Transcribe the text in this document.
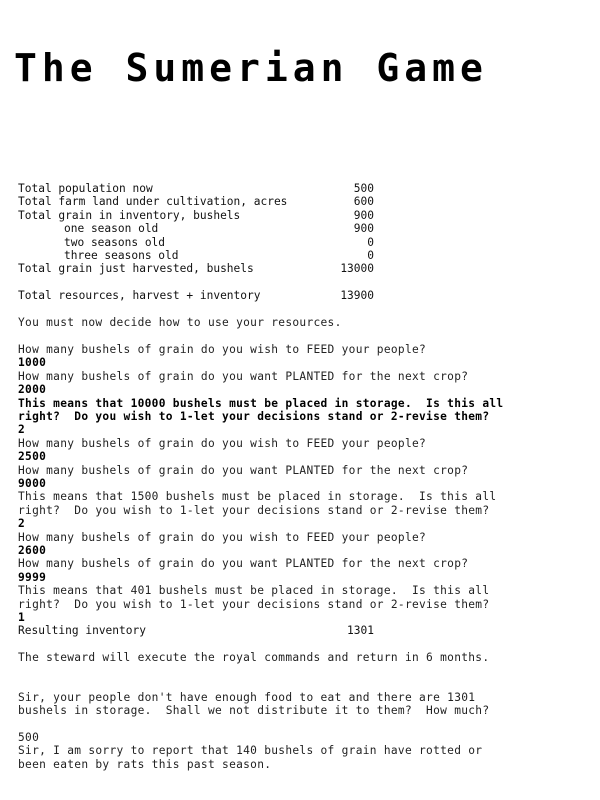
The Sumerian Game
Total population now	500
Total farm land under cultivation, acres	600
Total grain in inventory, bushels	900
one season old	900
two seasons old	0
three seasons old	0
Total grain just harvested, bushels	13000
Total resources, harvest + inventory	13900
You must now decide how to use your resources.
How many bushels of grain do you wish to FEED your people?
1000
How many bushels of grain do you want PLANTED for the next crop?
2000
This means that 10000 bushels must be placed in storage.  Is this all
right?  Do you wish to 1-let your decisions stand or 2-revise them?
2
How many bushels of grain do you wish to FEED your people?
2500
How many bushels of grain do you want PLANTED for the next crop?
9000
This means that 1500 bushels must be placed in storage.  Is this all
right?  Do you wish to 1-let your decisions stand or 2-revise them?
2
How many bushels of grain do you wish to FEED your people?
2600
How many bushels of grain do you want PLANTED for the next crop?
9999
This means that 401 bushels must be placed in storage.  Is this all
right?  Do you wish to 1-let your decisions stand or 2-revise them?
1
Resulting inventory	1301
The steward will execute the royal commands and return in 6 months.
Sir, your people don't have enough food to eat and there are 1301
bushels in storage.  Shall we not distribute it to them?  How much?
500
Sir, I am sorry to report that 140 bushels of grain have rotted or
been eaten by rats this past season.
